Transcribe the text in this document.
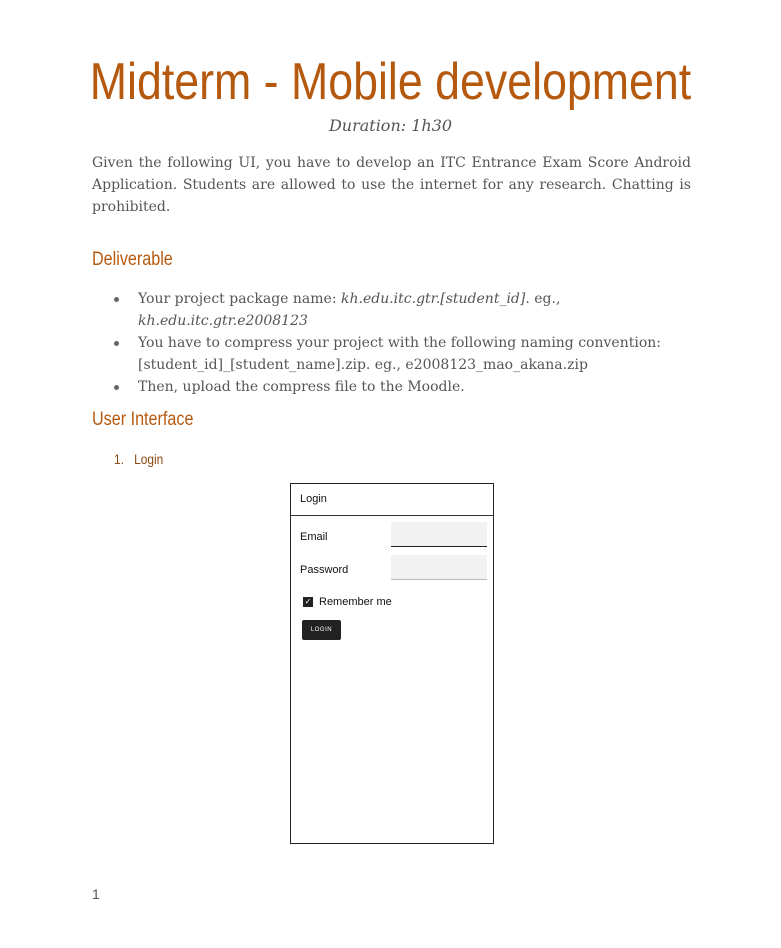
Midterm - Mobile development
Duration: 1h30

Given the following UI, you have to develop an ITC Entrance Exam Score Android Application. Students are allowed to use the internet for any research. Chatting is prohibited.

Deliverable
Your project package name: kh.edu.itc.gtr.[student_id]. eg., kh.edu.itc.gtr.e2008123
You have to compress your project with the following naming convention: [student_id]_[student_name].zip. eg., e2008123_mao_akana.zip
Then, upload the compress file to the Moodle.
User Interface
1. Login
Login
Email
Password
✓ Remember me
LOGIN
1
